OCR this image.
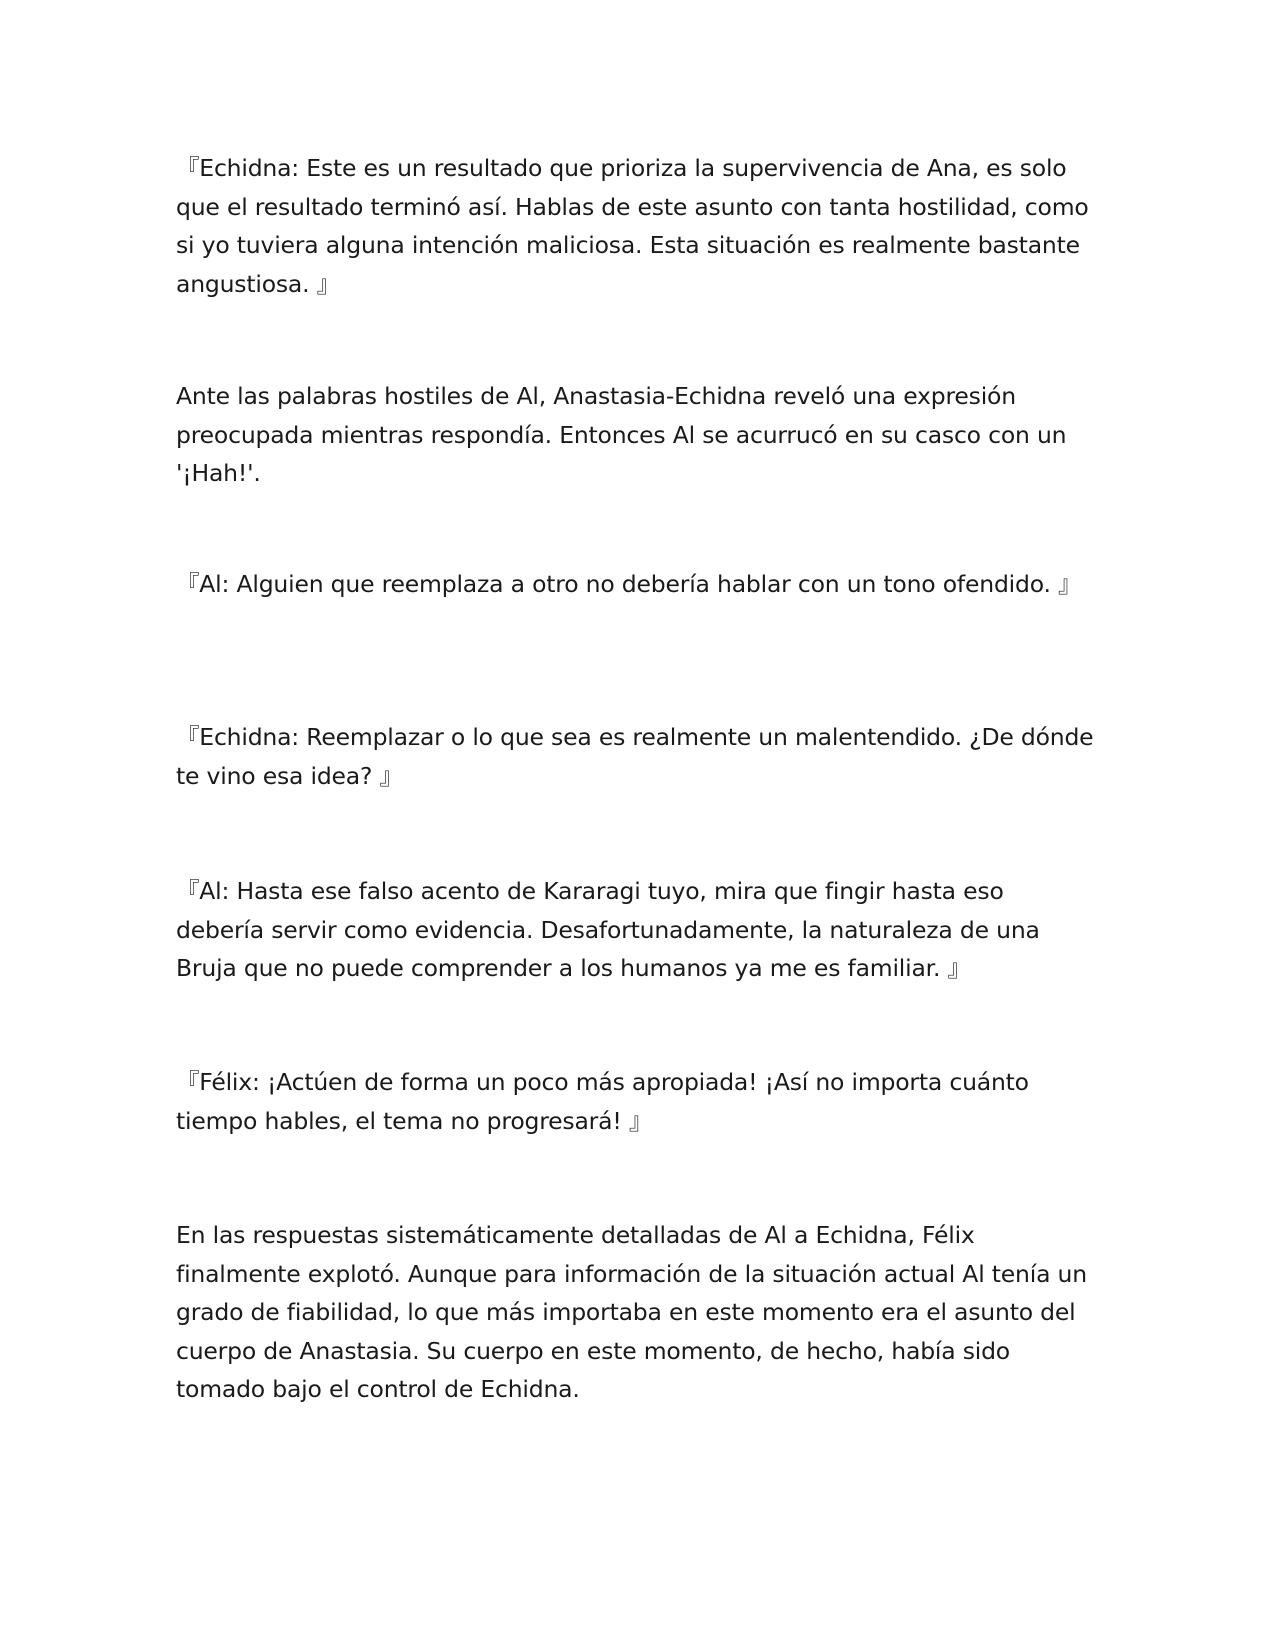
『Echidna: Este es un resultado que prioriza la supervivencia de Ana, es solo que el resultado terminó así. Hablas de este asunto con tanta hostilidad, como si yo tuviera alguna intención maliciosa. Esta situación es realmente bastante angustiosa. 』

Ante las palabras hostiles de Al, Anastasia-Echidna reveló una expresión preocupada mientras respondía. Entonces Al se acurrucó en su casco con un '¡Hah!'.

『Al: Alguien que reemplaza a otro no debería hablar con un tono ofendido. 』

『Echidna: Reemplazar o lo que sea es realmente un malentendido. ¿De dónde te vino esa idea? 』

『Al: Hasta ese falso acento de Kararagi tuyo, mira que fingir hasta eso debería servir como evidencia. Desafortunadamente, la naturaleza de una Bruja que no puede comprender a los humanos ya me es familiar. 』

『Félix: ¡Actúen de forma un poco más apropiada! ¡Así no importa cuánto tiempo hables, el tema no progresará! 』

En las respuestas sistemáticamente detalladas de Al a Echidna, Félix finalmente explotó. Aunque para información de la situación actual Al tenía un grado de fiabilidad, lo que más importaba en este momento era el asunto del cuerpo de Anastasia. Su cuerpo en este momento, de hecho, había sido tomado bajo el control de Echidna.
